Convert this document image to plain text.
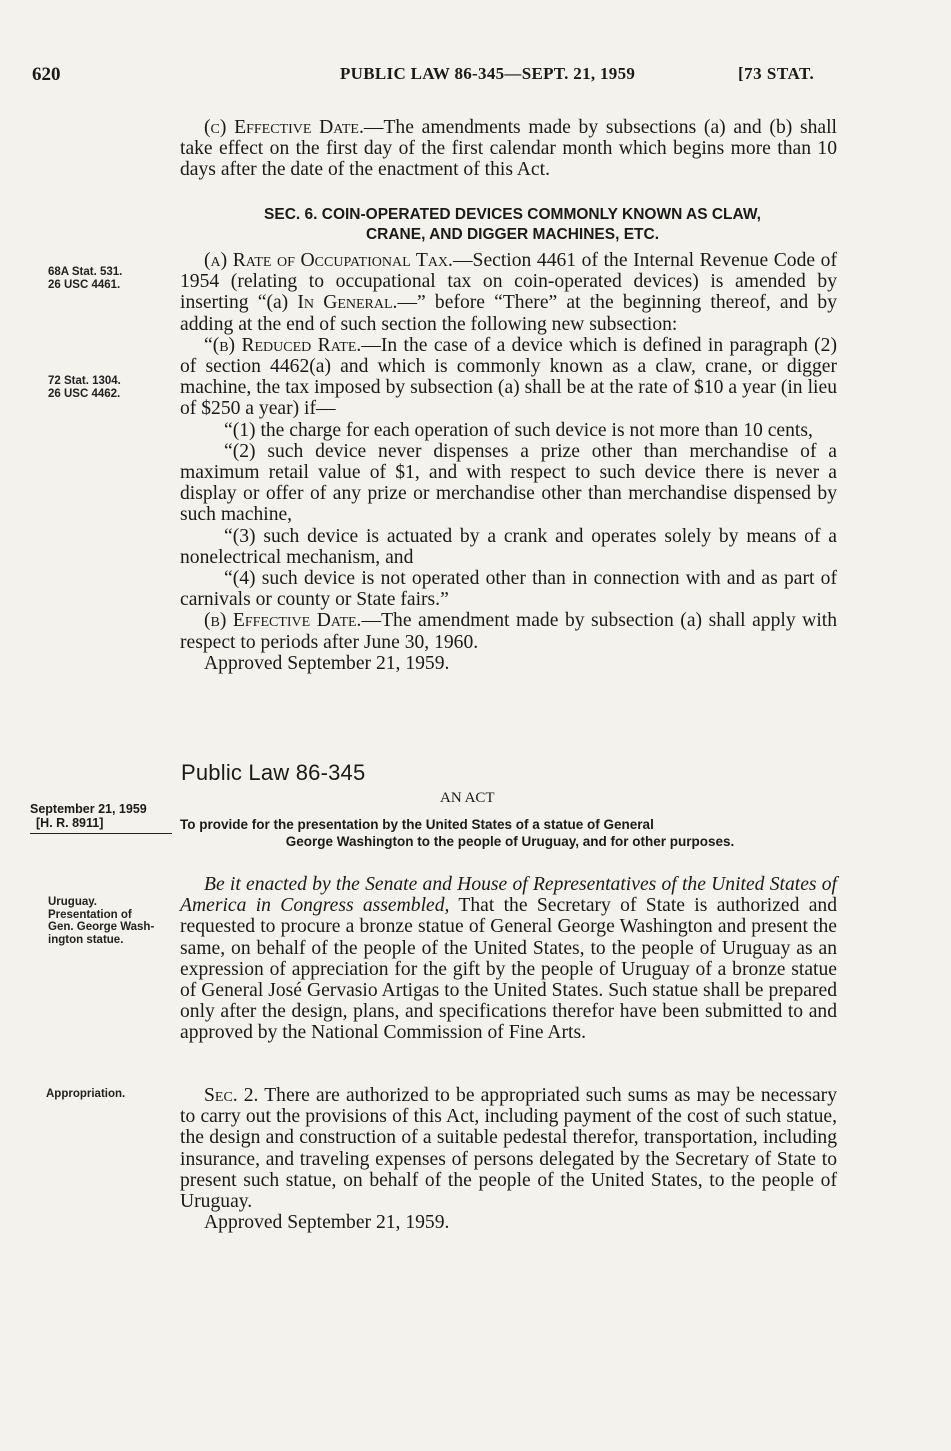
620	PUBLIC LAW 86-345—SEPT. 21, 1959	[73 STAT.

(c) Effective Date.—The amendments made by subsections (a) and (b) shall take effect on the first day of the first calendar month which begins more than 10 days after the date of the enactment of this Act.

SEC. 6. COIN-OPERATED DEVICES COMMONLY KNOWN AS CLAW,
CRANE, AND DIGGER MACHINES, ETC.
68A Stat. 531.
26 USC 4461.
72 Stat. 1304.
26 USC 4462.

(a) Rate of Occupational Tax.—Section 4461 of the Internal Revenue Code of 1954 (relating to occupational tax on coin-operated devices) is amended by inserting “(a) In General.—” before “There” at the beginning thereof, and by adding at the end of such section the following new subsection:

“(b) Reduced Rate.—In the case of a device which is defined in paragraph (2) of section 4462(a) and which is commonly known as a claw, crane, or digger machine, the tax imposed by subsection (a) shall be at the rate of $10 a year (in lieu of $250 a year) if—

“(1) the charge for each operation of such device is not more than 10 cents,

“(2) such device never dispenses a prize other than merchandise of a maximum retail value of $1, and with respect to such device there is never a display or offer of any prize or merchandise other than merchandise dispensed by such machine,

“(3) such device is actuated by a crank and operates solely by means of a nonelectrical mechanism, and

“(4) such device is not operated other than in connection with and as part of carnivals or county or State fairs.”

(b) Effective Date.—The amendment made by subsection (a) shall apply with respect to periods after June 30, 1960.

Approved September 21, 1959.

Public Law 86-345
AN ACT
September 21, 1959
[H. R. 8911]	To provide for the presentation by the United States of a statue of General
George Washington to the people of Uruguay, and for other purposes.
Uruguay.
Presentation of
Gen. George Wash-
ington statue.

Be it enacted by the Senate and House of Representatives of the United States of America in Congress assembled, That the Secretary of State is authorized and requested to procure a bronze statue of General George Washington and present the same, on behalf of the people of the United States, to the people of Uruguay as an expression of appreciation for the gift by the people of Uruguay of a bronze statue of General José Gervasio Artigas to the United States. Such statue shall be prepared only after the design, plans, and specifications therefor have been submitted to and approved by the National Commission of Fine Arts.

Appropriation.	Sec. 2. There are authorized to be appropriated such sums as may be necessary to carry out the provisions of this Act, including payment of the cost of such statue, the design and construction of a suitable pedestal therefor, transportation, including insurance, and traveling expenses of persons delegated by the Secretary of State to present such statue, on behalf of the people of the United States, to the people of Uruguay.

Approved September 21, 1959.
